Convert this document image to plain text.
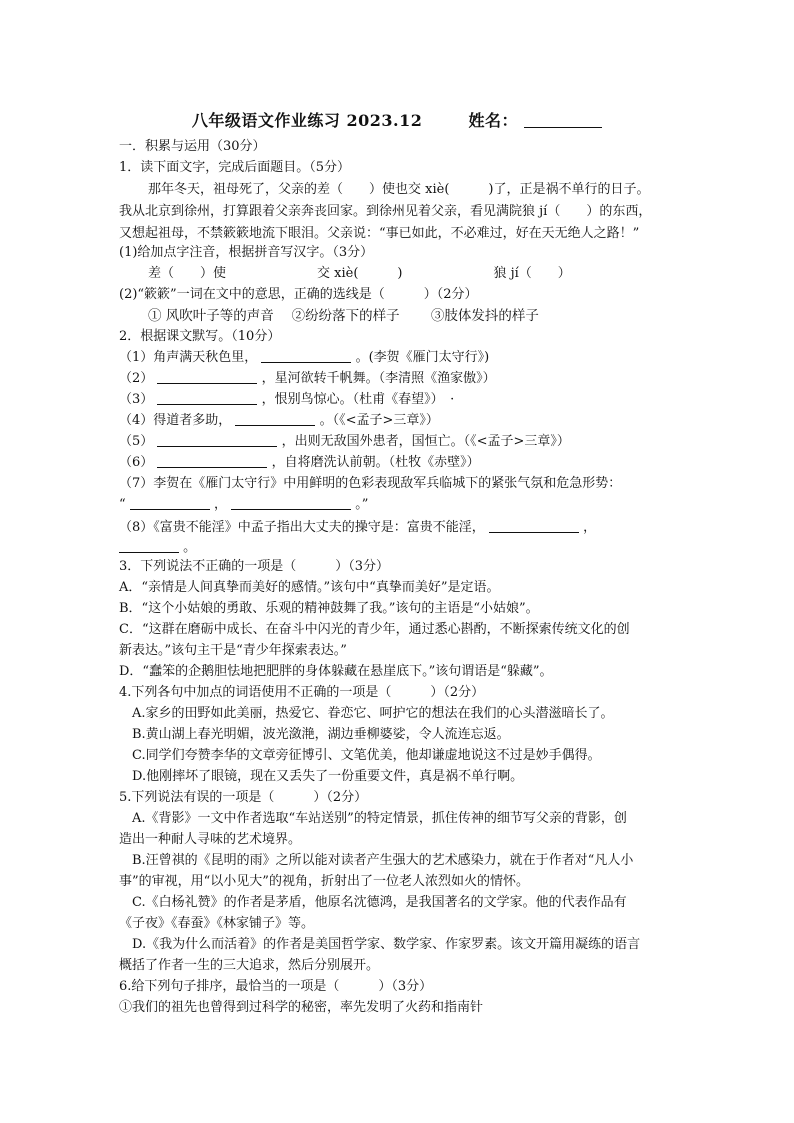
八年级语文作业练习 2023.12	姓名：
一．积累与运用（30分）
1．读下面文字，完成后面题目。（5分）
那年冬天，祖母死了，父亲的差（　　）使也交 xiè(　　　)了，正是祸不单行的日子。
我从北京到徐州，打算跟着父亲奔丧回家。到徐州见着父亲，看见满院狼 jí（　　）的东西，
又想起祖母，不禁簌簌地流下眼泪。父亲说：“事已如此，不必难过，好在天无绝人之路！”
(1)给加点字注音，根据拼音写汉字。（3分）
差（　　）使　　　　　　　交 xiè(　　　)　　　　　　　狼 jí（　　）
(2)“簌簌”一词在文中的意思，正确的选线是（　　　）（2分）
① 风吹叶子等的声音　 ②纷纷落下的样子　　 ③肢体发抖的样子
2．根据课文默写。（10分）
（1）角声满天秋色里，	。(李贺《雁门太守行》)
（2）	，星河欲转千帆舞。（李清照《渔家傲》）
（3）	，恨别鸟惊心。（杜甫《春望》）　·
（4）得道者多助，	。（《<孟子>三章》）
（5）	，出则无敌国外患者，国恒亡。（《<孟子>三章》）
（6）	，自将磨洗认前朝。（杜牧《赤壁》）
（7）李贺在《雁门太守行》中用鲜明的色彩表现敌军兵临城下的紧张气氛和危急形势：
“	，	。”
（8）《富贵不能淫》中孟子指出大丈夫的操守是：富贵不能淫，	，
。
3．下列说法不正确的一项是（　　　）（3分）
A．“亲情是人间真挚而美好的感情。”该句中“真挚而美好”是定语。
B．“这个小姑娘的勇敢、乐观的精神鼓舞了我。”该句的主语是“小姑娘”。
C．“这群在磨砺中成长、在奋斗中闪光的青少年，通过悉心斟酌，不断探索传统文化的创
新表达。”该句主干是“青少年探索表达。”
D．“蠢笨的企鹅胆怯地把肥胖的身体躲藏在悬崖底下。”该句谓语是“躲藏”。
4.下列各句中加点的词语使用不正确的一项是（　　　）（2分）
A.家乡的田野如此美丽，热爱它、眷恋它、呵护它的想法在我们的心头潜滋暗长了。
B.黄山湖上春光明媚，波光潋滟，湖边垂柳婆娑，令人流连忘返。
C.同学们夸赞李华的文章旁征博引、文笔优美，他却谦虚地说这不过是妙手偶得。
D.他刚摔坏了眼镜，现在又丢失了一份重要文件，真是祸不单行啊。
5.下列说法有误的一项是（　　　）（2分）
A.《背影》一文中作者选取“车站送别”的特定情景，抓住传神的细节写父亲的背影，创
造出一种耐人寻味的艺术境界。
B.汪曾祺的《昆明的雨》之所以能对读者产生强大的艺术感染力，就在于作者对“凡人小
事”的审视，用“以小见大”的视角，折射出了一位老人浓烈如火的情怀。
C.《白杨礼赞》的作者是茅盾，他原名沈德鸿，是我国著名的文学家。他的代表作品有
《子夜》《春蚕》《林家铺子》等。
D.《我为什么而活着》的作者是美国哲学家、数学家、作家罗素。该文开篇用凝练的语言
概括了作者一生的三大追求，然后分别展开。
6.给下列句子排序，最恰当的一项是（　　　）（3分）
①我们的祖先也曾得到过科学的秘密，率先发明了火药和指南针
